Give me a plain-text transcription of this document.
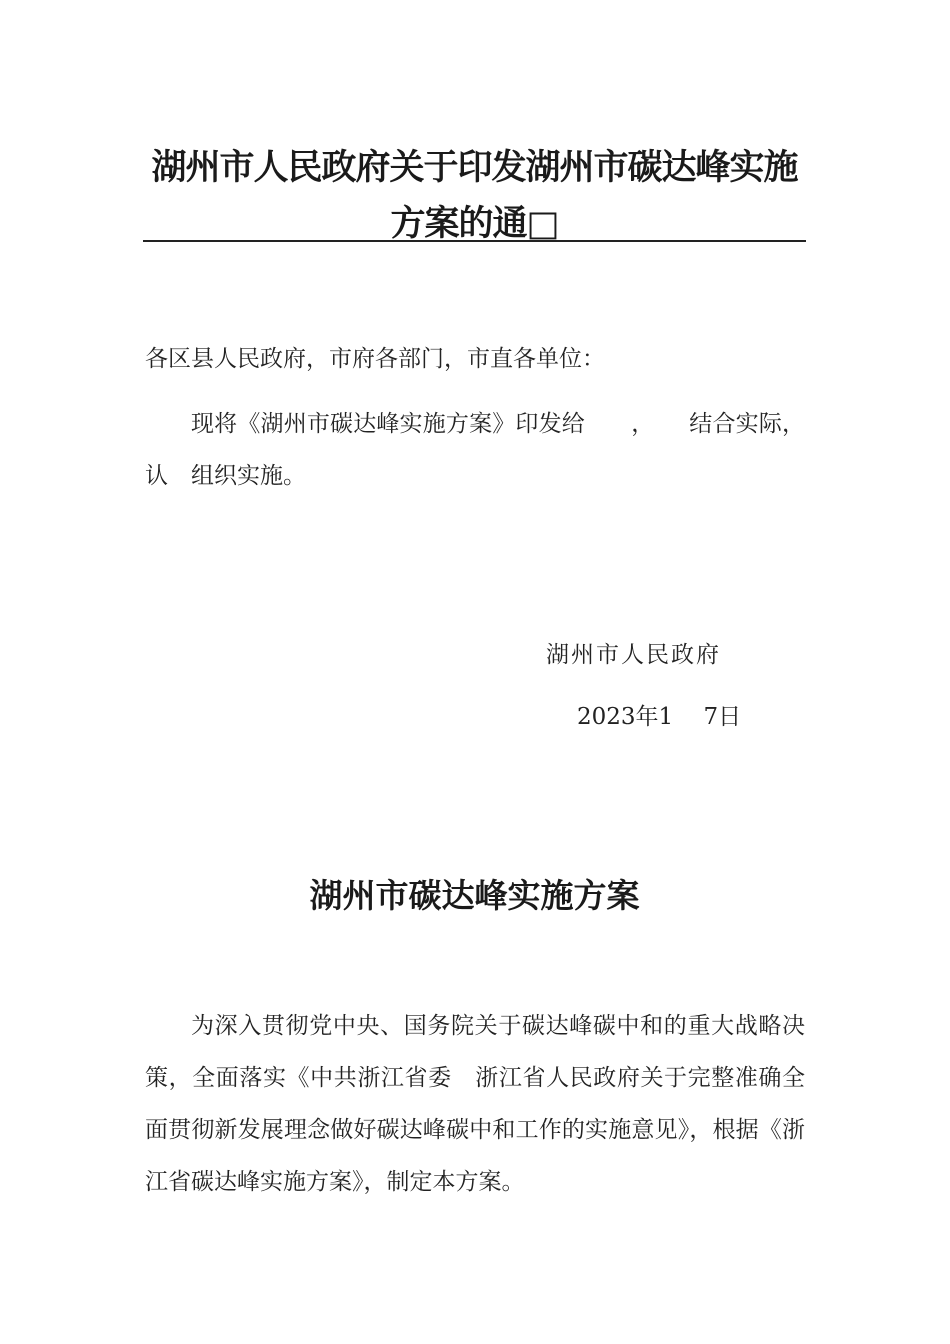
湖州市人民政府关于印发湖州市碳达峰实施方案的通□
各区县人民政府，市府各部门，市直各单位：
现将《湖州市碳达峰实施方案》印发给　　，　　结合实际，认　组织实施。
湖州市人民政府
2023年1　 7日
湖州市碳达峰实施方案
为深入贯彻党中央、国务院关于碳达峰碳中和的重大战略决策，全面落实《中共浙江省委　浙江省人民政府关于完整准确全面贯彻新发展理念做好碳达峰碳中和工作的实施意见》，根据《浙江省碳达峰实施方案》，制定本方案。
